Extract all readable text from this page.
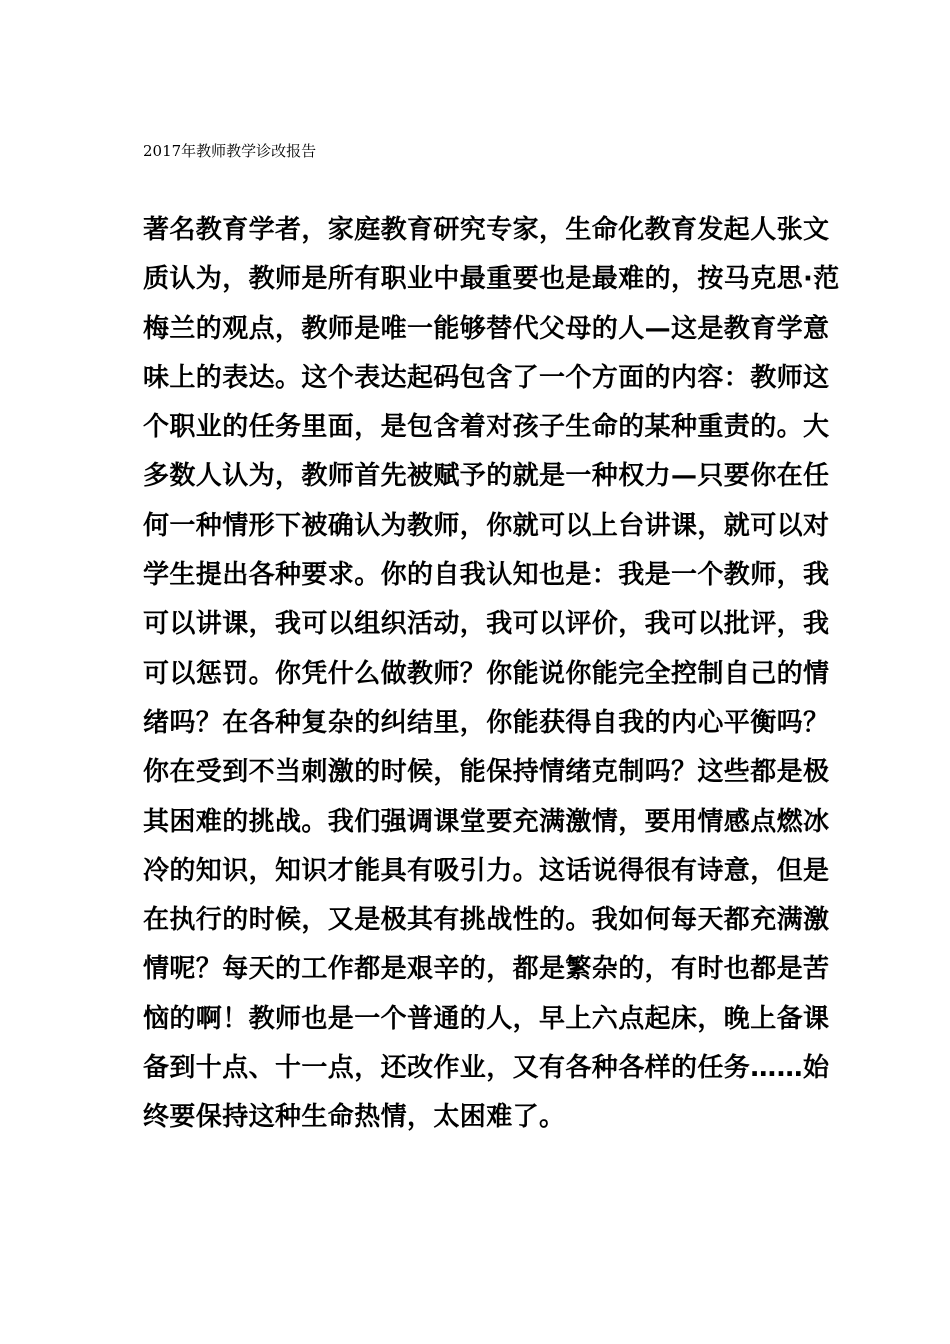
2017年教师教学诊改报告
著名教育学者，家庭教育研究专家，生命化教育发起人张文
质认为，教师是所有职业中最重要也是最难的，按马克思·范
梅兰的观点，教师是唯一能够替代父母的人—这是教育学意
味上的表达。这个表达起码包含了一个方面的内容：教师这
个职业的任务里面，是包含着对孩子生命的某种重责的。大
多数人认为，教师首先被赋予的就是一种权力—只要你在任
何一种情形下被确认为教师，你就可以上台讲课，就可以对
学生提出各种要求。你的自我认知也是：我是一个教师，我
可以讲课，我可以组织活动，我可以评价，我可以批评，我
可以惩罚。你凭什么做教师？你能说你能完全控制自己的情
绪吗？在各种复杂的纠结里，你能获得自我的内心平衡吗？
你在受到不当刺激的时候，能保持情绪克制吗？这些都是极
其困难的挑战。我们强调课堂要充满激情，要用情感点燃冰
冷的知识，知识才能具有吸引力。这话说得很有诗意，但是
在执行的时候，又是极其有挑战性的。我如何每天都充满激
情呢？每天的工作都是艰辛的，都是繁杂的，有时也都是苦
恼的啊！教师也是一个普通的人，早上六点起床，晚上备课
备到十点、十一点，还改作业，又有各种各样的任务……始
终要保持这种生命热情，太困难了。
